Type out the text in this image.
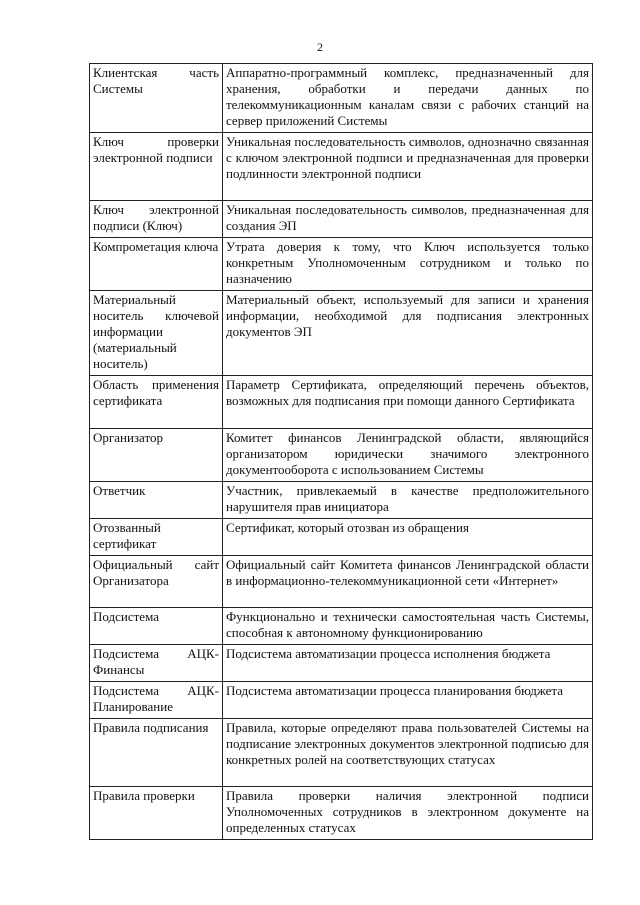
2
Клиентская часть Системы	Аппаратно-программный комплекс, предназначенный для хранения, обработки и передачи данных по телекоммуникационным каналам связи с рабочих станций на сервер приложений Системы
Ключ проверки электронной подписи	Уникальная последовательность символов, однозначно связанная с ключом электронной подписи и предназначенная для проверки подлинности электронной подписи
Ключ электронной подписи (Ключ)	Уникальная последовательность символов, предназначенная для создания ЭП
Компрометация ключа	Утрата доверия к тому, что Ключ используется только конкретным Уполномоченным сотрудником и только по назначению
Материальный носитель ключевой информации (материальный носитель)	Материальный объект, используемый для записи и хранения информации, необходимой для подписания электронных документов ЭП
Область применения сертификата	Параметр Сертификата, определяющий перечень объектов, возможных для подписания при помощи данного Сертификата
Организатор	Комитет финансов Ленинградской области, являющийся организатором юридически значимого электронного документооборота с использованием Системы
Ответчик	Участник, привлекаемый в качестве предположительного нарушителя прав инициатора
Отозванный сертификат	Сертификат, который отозван из обращения
Официальный сайт Организатора	Официальный сайт Комитета финансов Ленинградской области в информационно-телекоммуникационной сети «Интернет»
Подсистема	Функционально и технически самостоятельная часть Системы, способная к автономному функционированию
Подсистема АЦК-Финансы	Подсистема автоматизации процесса исполнения бюджета
Подсистема АЦК-Планирование	Подсистема автоматизации процесса планирования бюджета
Правила подписания	Правила, которые определяют права пользователей Системы на подписание электронных документов электронной подписью для конкретных ролей на соответствующих статусах
Правила проверки	Правила проверки наличия электронной подписи Уполномоченных сотрудников в электронном документе на определенных статусах
